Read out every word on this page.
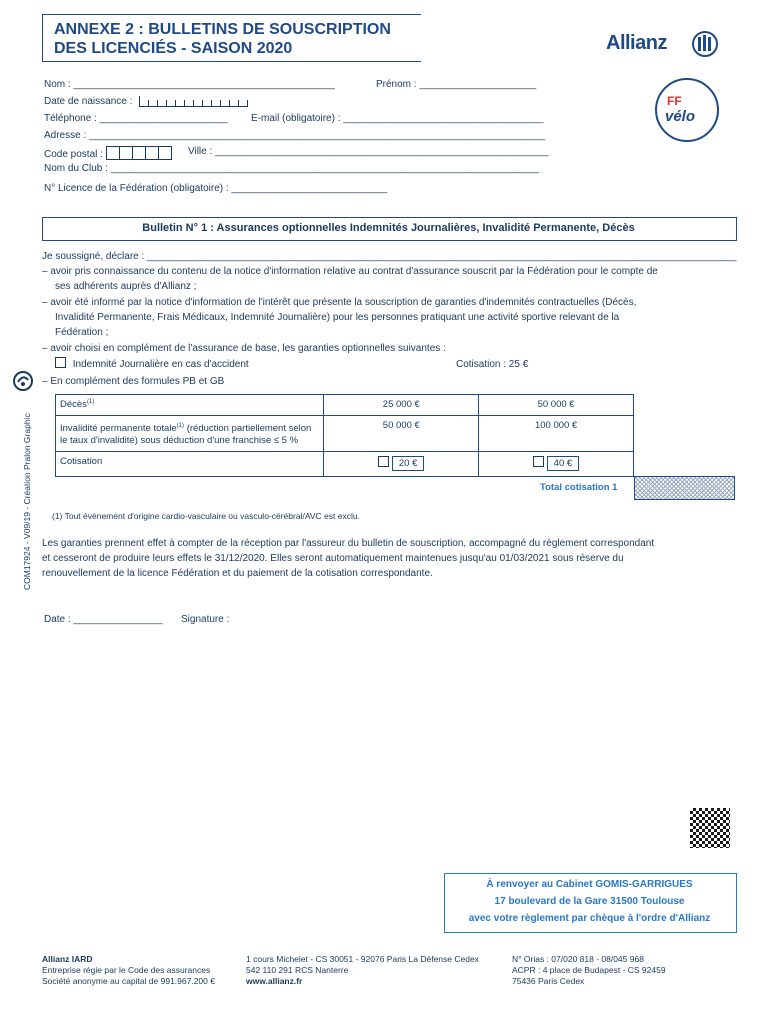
ANNEXE 2 : BULLETINS DE SOUSCRIPTION
DES LICENCIÉS - SAISON 2020	Allianz
FF
vélo
Nom : _______________________________________________	Prénom : _____________________
Date de naissance :
Téléphone : _______________________ E-mail (obligatoire) : ____________________________________
Adresse : __________________________________________________________________________________
Code postal :	Ville : ____________________________________________________________
Nom du Club : _____________________________________________________________________________
N° Licence de la Fédération (obligatoire) : ____________________________
Bulletin N° 1 : Assurances optionnelles Indemnités Journalières, Invalidité Permanente, Décès
Je soussigné, déclare : __________________________________________________________________________________________________________
– avoir pris connaissance du contenu de la notice d'information relative au contrat d'assurance souscrit par la Fédération pour le compte de
ses adhérents auprès d'Allianz ;
– avoir été informé par la notice d'information de l'intérêt que présente la souscription de garanties d'indemnités contractuelles (Décès,
Invalidité Permanente, Frais Médicaux, Indemnité Journalière) pour les personnes pratiquant une activité sportive relevant de la
Fédération ;
– avoir choisi en complément de l'assurance de base, les garanties optionnelles suivantes :
Indemnité Journalière en cas d'accident	Cotisation : 25 €
– En complément des formules PB et GB
Décès$^{(1)}$	25 000 €	50 000 €
Invalidité permanente totale$^{(1)}$ (réduction partiellement selon le taux d'invalidité) sous déduction d'une franchise ≤ 5 %	50 000 €	100 000 €
Cotisation	20 €	40 €
Total cotisation 1
(1) Tout évènement d'origine cardio-vasculaire ou vasculo-cérébral/AVC est exclu.
COM17924 - V09/19 - Création Pralon Graphic Les garanties prennent effet à compter de la réception par l'assureur du bulletin de souscription, accompagné du règlement correspondant
et cesseront de produire leurs effets le 31/12/2020. Elles seront automatiquement maintenues jusqu'au 01/03/2021 sous réserve du
renouvellement de la licence Fédération et du paiement de la cotisation correspondante.
Date : ________________ Signature :
À renvoyer au Cabinet GOMIS-GARRIGUES
17 boulevard de la Gare 31500 Toulouse
avec votre règlement par chèque à l'ordre d'Allianz
Allianz IARD
Entreprise régie par le Code des assurances
Société anonyme au capital de 991.967.200 €
1 cours Michelet - CS 30051 - 92076 Paris La Défense Cedex
542 110 291 RCS Nanterre
www.allianz.fr
N° Orias : 07/020 818 - 08/045 968
ACPR : 4 place de Budapest - CS 92459
75436 Paris Cedex
